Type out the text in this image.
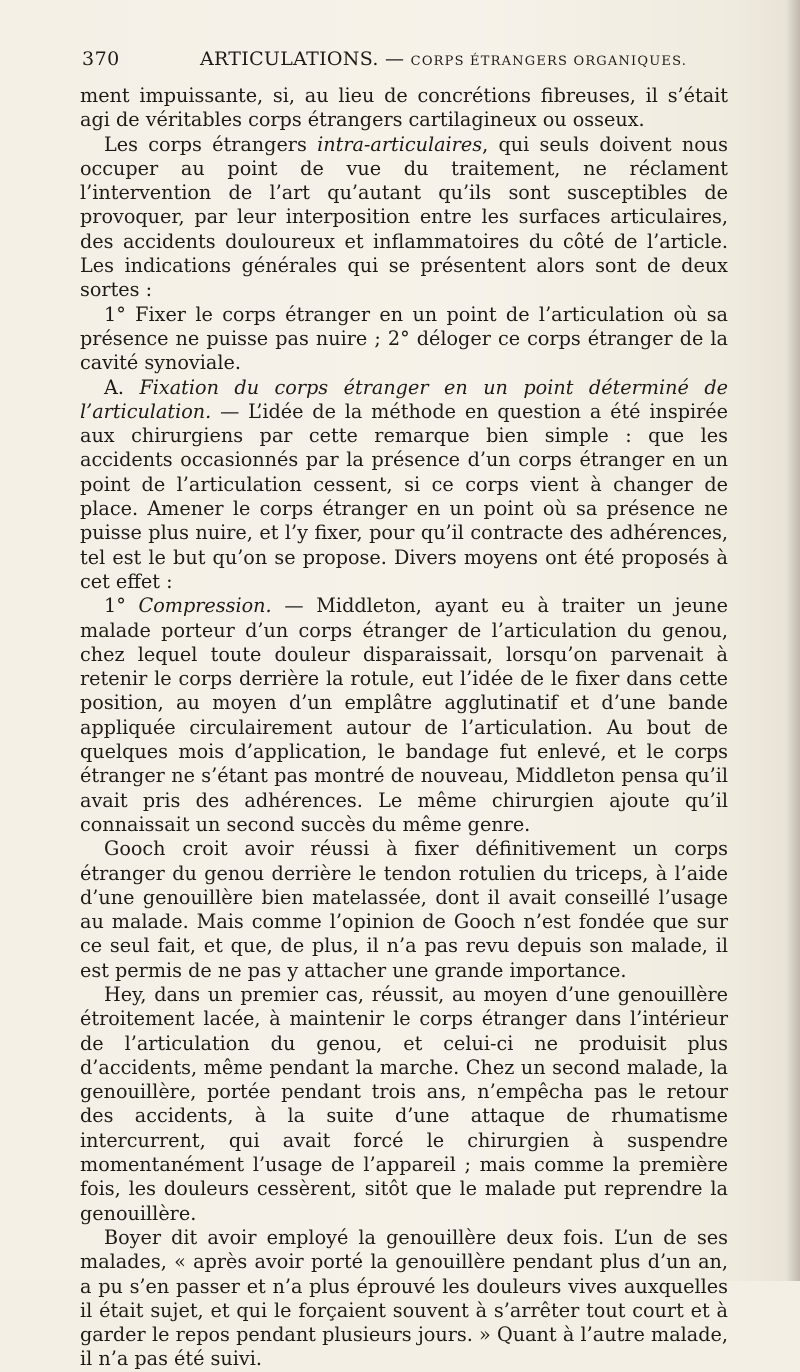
370	ARTICULATIONS. — CORPS ÉTRANGERS ORGANIQUES.

ment impuissante, si, au lieu de concrétions fibreuses, il s’était agi de véritables corps étrangers cartilagineux ou osseux.

Les corps étrangers intra-articulaires, qui seuls doivent nous occuper au point de vue du traitement, ne réclament l’intervention de l’art qu’autant qu’ils sont susceptibles de provoquer, par leur interposition entre les surfaces articulaires, des accidents douloureux et inflammatoires du côté de l’article. Les indications générales qui se présentent alors sont de deux sortes :

1° Fixer le corps étranger en un point de l’articulation où sa présence ne puisse pas nuire ; 2° déloger ce corps étranger de la cavité synoviale.

A. Fixation du corps étranger en un point déterminé de l’articulation. — L’idée de la méthode en question a été inspirée aux chirurgiens par cette remarque bien simple : que les accidents occasionnés par la présence d’un corps étranger en un point de l’articulation cessent, si ce corps vient à changer de place. Amener le corps étranger en un point où sa présence ne puisse plus nuire, et l’y fixer, pour qu’il contracte des adhérences, tel est le but qu’on se propose. Divers moyens ont été proposés à cet effet :

1° Compression. — Middleton, ayant eu à traiter un jeune malade porteur d’un corps étranger de l’articulation du genou, chez lequel toute douleur disparaissait, lorsqu’on parvenait à retenir le corps derrière la rotule, eut l’idée de le fixer dans cette position, au moyen d’un emplâtre agglutinatif et d’une bande appliquée circulairement autour de l’articulation. Au bout de quelques mois d’application, le bandage fut enlevé, et le corps étranger ne s’étant pas montré de nouveau, Middleton pensa qu’il avait pris des adhérences. Le même chirurgien ajoute qu’il connaissait un second succès du même genre.

Gooch croit avoir réussi à fixer définitivement un corps étranger du genou derrière le tendon rotulien du triceps, à l’aide d’une genouillère bien matelassée, dont il avait conseillé l’usage au malade. Mais comme l’opinion de Gooch n’est fondée que sur ce seul fait, et que, de plus, il n’a pas revu depuis son malade, il est permis de ne pas y attacher une grande importance.

Hey, dans un premier cas, réussit, au moyen d’une genouillère étroitement lacée, à maintenir le corps étranger dans l’intérieur de l’articulation du genou, et celui-ci ne produisit plus d’accidents, même pendant la marche. Chez un second malade, la genouillère, portée pendant trois ans, n’empêcha pas le retour des accidents, à la suite d’une attaque de rhumatisme intercurrent, qui avait forcé le chirurgien à suspendre momentanément l’usage de l’appareil ; mais comme la première fois, les douleurs cessèrent, sitôt que le malade put reprendre la genouillère.

Boyer dit avoir employé la genouillère deux fois. L’un de ses malades, « après avoir porté la genouillère pendant plus d’un an, a pu s’en passer et n’a plus éprouvé les douleurs vives auxquelles il était sujet, et qui le forçaient souvent à s’arrêter tout court et à garder le repos pendant plusieurs jours. » Quant à l’autre malade, il n’a pas été suivi.
